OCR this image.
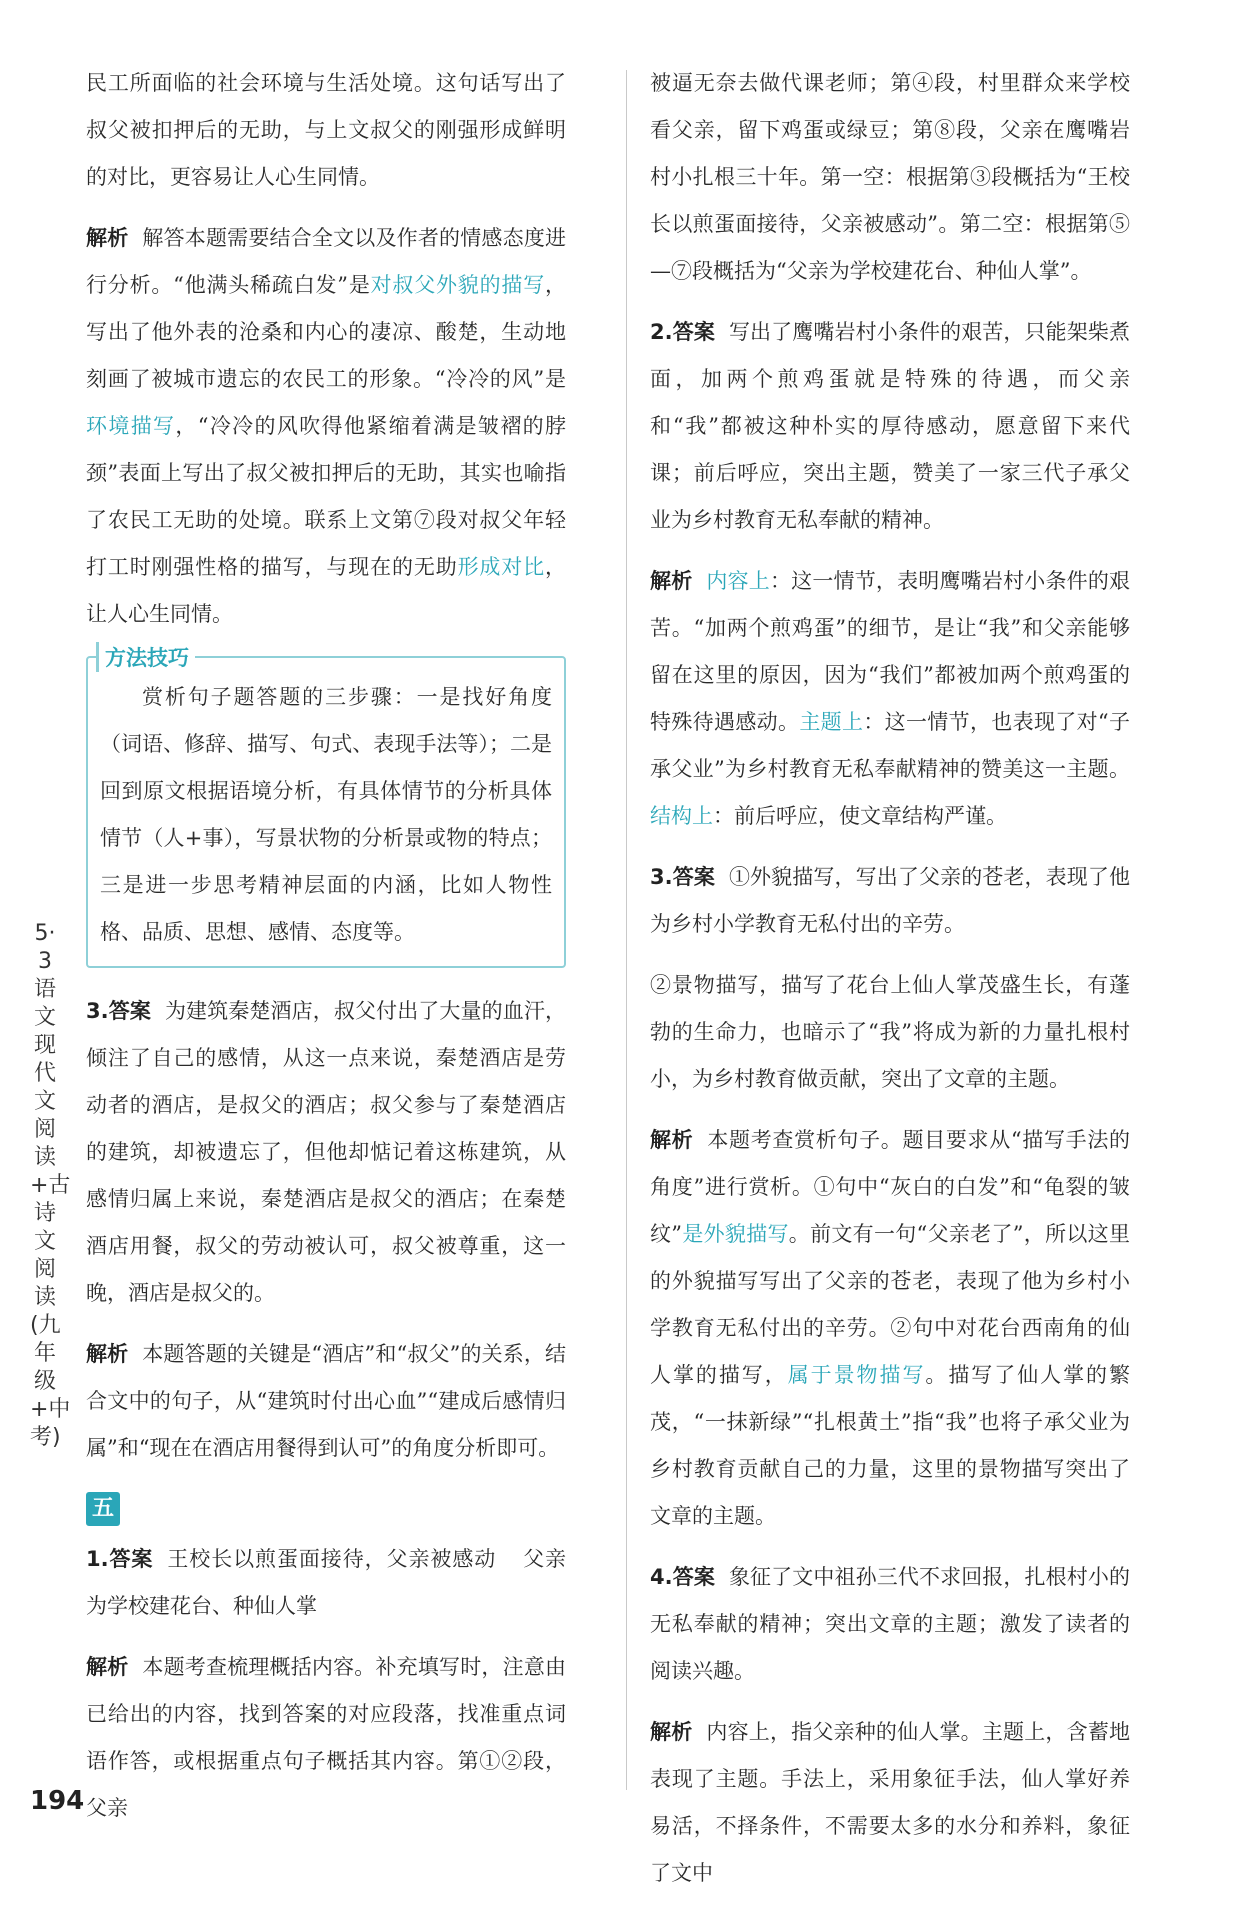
5·3语文 现代文阅读+古诗文阅读(九年级+中考)
194

民工所面临的社会环境与生活处境。这句话写出了叔父被扣押后的无助，与上文叔父的刚强形成鲜明的对比，更容易让人心生同情。

解析 解答本题需要结合全文以及作者的情感态度进行分析。“他满头稀疏白发”是对叔父外貌的描写，写出了他外表的沧桑和内心的凄凉、酸楚，生动地刻画了被城市遗忘的农民工的形象。“冷冷的风”是环境描写，“冷冷的风吹得他紧缩着满是皱褶的脖颈”表面上写出了叔父被扣押后的无助，其实也喻指了农民工无助的处境。联系上文第⑦段对叔父年轻打工时刚强性格的描写，与现在的无助形成对比，让人心生同情。

方法技巧

赏析句子题答题的三步骤：一是找好角度（词语、修辞、描写、句式、表现手法等）；二是回到原文根据语境分析，有具体情节的分析具体情节（人+事），写景状物的分析景或物的特点；三是进一步思考精神层面的内涵，比如人物性格、品质、思想、感情、态度等。

3.答案 为建筑秦楚酒店，叔父付出了大量的血汗，倾注了自己的感情，从这一点来说，秦楚酒店是劳动者的酒店，是叔父的酒店；叔父参与了秦楚酒店的建筑，却被遗忘了，但他却惦记着这栋建筑，从感情归属上来说，秦楚酒店是叔父的酒店；在秦楚酒店用餐，叔父的劳动被认可，叔父被尊重，这一晚，酒店是叔父的。

解析 本题答题的关键是“酒店”和“叔父”的关系，结合文中的句子，从“建筑时付出心血”“建成后感情归属”和“现在在酒店用餐得到认可”的角度分析即可。

五

1.答案 王校长以煎蛋面接待，父亲被感动 父亲为学校建花台、种仙人掌

解析 本题考查梳理概括内容。补充填写时，注意由已给出的内容，找到答案的对应段落，找准重点词语作答，或根据重点句子概括其内容。第①②段，父亲

被逼无奈去做代课老师；第④段，村里群众来学校看父亲，留下鸡蛋或绿豆；第⑧段，父亲在鹰嘴岩村小扎根三十年。第一空：根据第③段概括为“王校长以煎蛋面接待，父亲被感动”。第二空：根据第⑤—⑦段概括为“父亲为学校建花台、种仙人掌”。

2.答案 写出了鹰嘴岩村小条件的艰苦，只能架柴煮面，加两个煎鸡蛋就是特殊的待遇，而父亲和“我”都被这种朴实的厚待感动，愿意留下来代课；前后呼应，突出主题，赞美了一家三代子承父业为乡村教育无私奉献的精神。

解析 内容上：这一情节，表明鹰嘴岩村小条件的艰苦。“加两个煎鸡蛋”的细节，是让“我”和父亲能够留在这里的原因，因为“我们”都被加两个煎鸡蛋的特殊待遇感动。主题上：这一情节，也表现了对“子承父业”为乡村教育无私奉献精神的赞美这一主题。结构上：前后呼应，使文章结构严谨。

3.答案 ①外貌描写，写出了父亲的苍老，表现了他为乡村小学教育无私付出的辛劳。

②景物描写，描写了花台上仙人掌茂盛生长，有蓬勃的生命力，也暗示了“我”将成为新的力量扎根村小，为乡村教育做贡献，突出了文章的主题。

解析 本题考查赏析句子。题目要求从“描写手法的角度”进行赏析。①句中“灰白的白发”和“龟裂的皱纹”是外貌描写。前文有一句“父亲老了”，所以这里的外貌描写写出了父亲的苍老，表现了他为乡村小学教育无私付出的辛劳。②句中对花台西南角的仙人掌的描写，属于景物描写。描写了仙人掌的繁茂，“一抹新绿”“扎根黄土”指“我”也将子承父业为乡村教育贡献自己的力量，这里的景物描写突出了文章的主题。

4.答案 象征了文中祖孙三代不求回报，扎根村小的无私奉献的精神；突出文章的主题；激发了读者的阅读兴趣。

解析 内容上，指父亲种的仙人掌。主题上，含蓄地表现了主题。手法上，采用象征手法，仙人掌好养易活，不择条件，不需要太多的水分和养料，象征了文中
